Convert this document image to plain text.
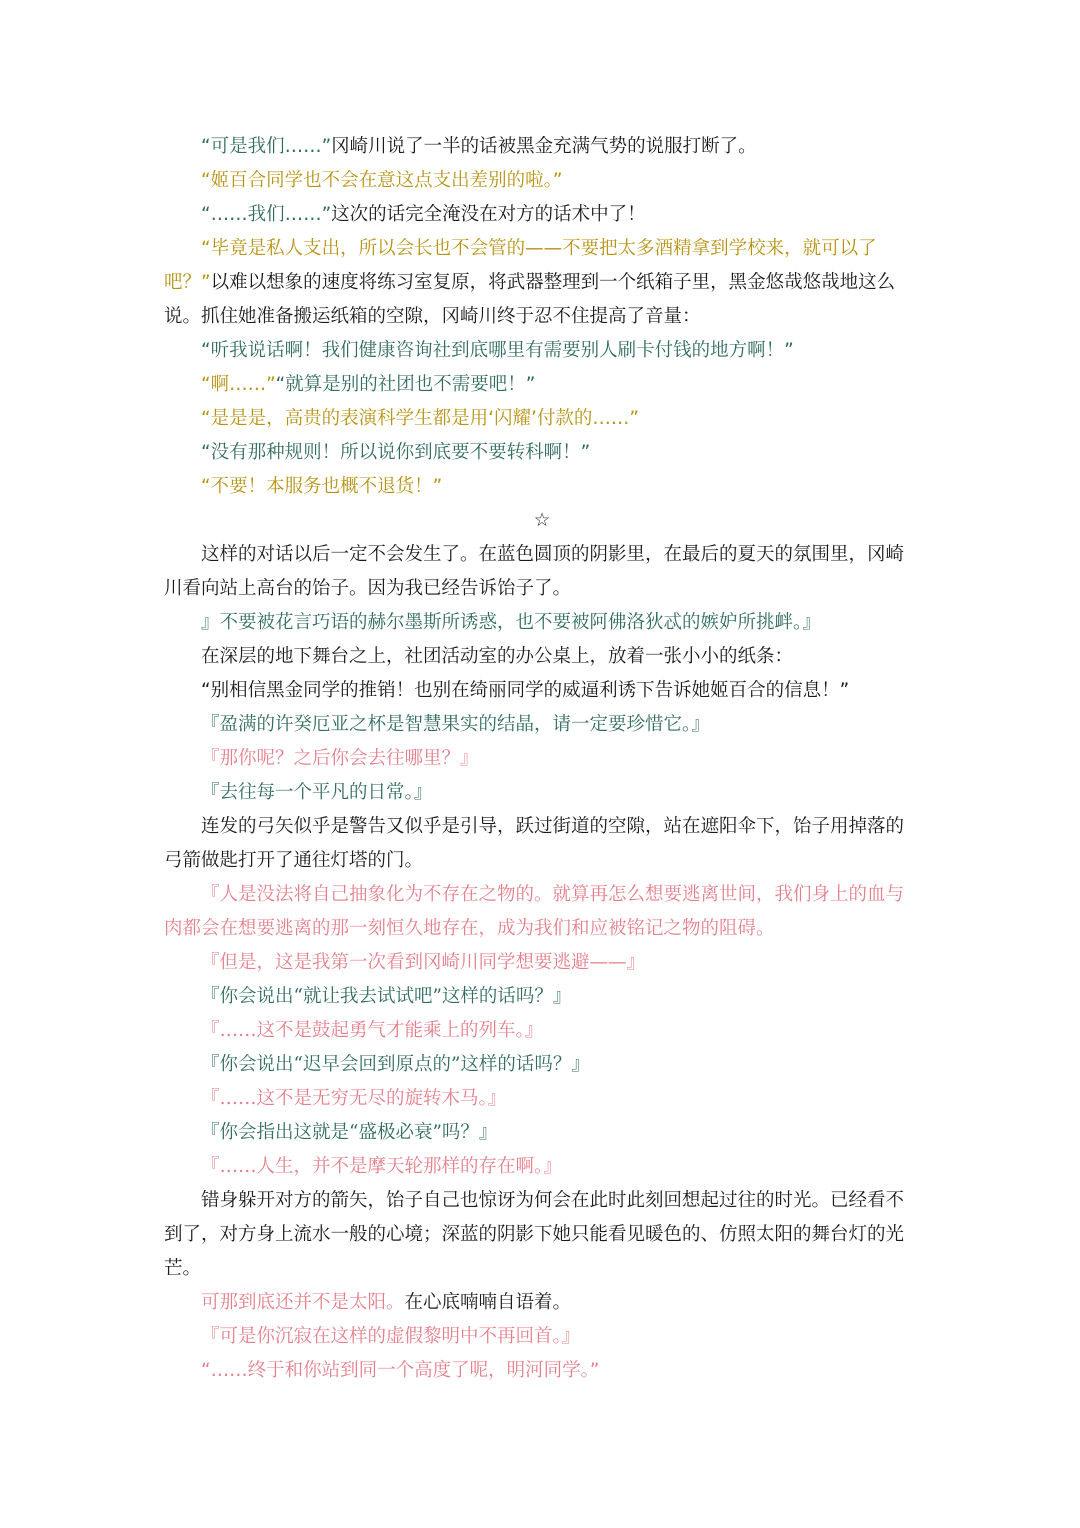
“可是我们……”冈崎川说了一半的话被黑金充满气势的说服打断了。

“姬百合同学也不会在意这点支出差别的啦。”

“……我们……”这次的话完全淹没在对方的话术中了！

“毕竟是私人支出，所以会长也不会管的——不要把太多酒精拿到学校来，就可以了吧？”以难以想象的速度将练习室复原，将武器整理到一个纸箱子里，黑金悠哉悠哉地这么说。抓住她准备搬运纸箱的空隙，冈崎川终于忍不住提高了音量：

“听我说话啊！我们健康咨询社到底哪里有需要别人刷卡付钱的地方啊！”

“啊……”“就算是别的社团也不需要吧！”

“是是是，高贵的表演科学生都是用‘闪耀’付款的……”

“没有那种规则！所以说你到底要不要转科啊！”

“不要！本服务也概不退货！”

☆

这样的对话以后一定不会发生了。在蓝色圆顶的阴影里，在最后的夏天的氛围里，冈崎川看向站上高台的饴子。因为我已经告诉饴子了。

』不要被花言巧语的赫尔墨斯所诱惑，也不要被阿佛洛狄忒的嫉妒所挑衅。』

在深层的地下舞台之上，社团活动室的办公桌上，放着一张小小的纸条：

“别相信黑金同学的推销！也别在绮丽同学的威逼利诱下告诉她姬百合的信息！”

『盈满的许癸厄亚之杯是智慧果实的结晶，请一定要珍惜它。』

『那你呢？之后你会去往哪里？』

『去往每一个平凡的日常。』

连发的弓矢似乎是警告又似乎是引导，跃过街道的空隙，站在遮阳伞下，饴子用掉落的弓箭做匙打开了通往灯塔的门。

『人是没法将自己抽象化为不存在之物的。就算再怎么想要逃离世间，我们身上的血与肉都会在想要逃离的那一刻恒久地存在，成为我们和应被铭记之物的阻碍。

『但是，这是我第一次看到冈崎川同学想要逃避——』

『你会说出“就让我去试试吧”这样的话吗？』

『……这不是鼓起勇气才能乘上的列车。』

『你会说出“迟早会回到原点的”这样的话吗？』

『……这不是无穷无尽的旋转木马。』

『你会指出这就是“盛极必衰”吗？』

『……人生，并不是摩天轮那样的存在啊。』

错身躲开对方的箭矢，饴子自己也惊讶为何会在此时此刻回想起过往的时光。已经看不到了，对方身上流水一般的心境；深蓝的阴影下她只能看见暖色的、仿照太阳的舞台灯的光芒。

可那到底还并不是太阳。在心底喃喃自语着。

『可是你沉寂在这样的虚假黎明中不再回首。』

“……终于和你站到同一个高度了呢，明河同学。”
